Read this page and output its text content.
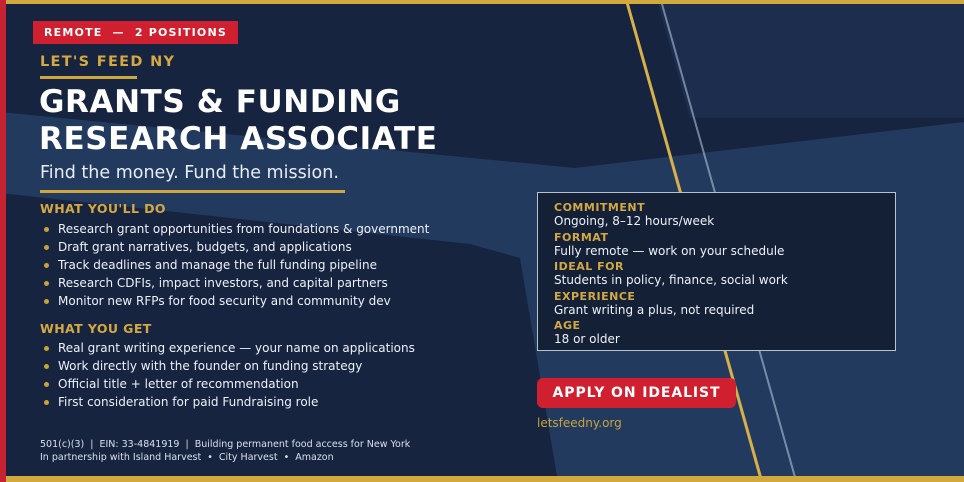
REMOTE  —  2 POSITIONS
LET'S FEED NY
GRANTS & FUNDING
RESEARCH ASSOCIATE
Find the money. Fund the mission.
WHAT YOU'LL DO
Research grant opportunities from foundations & government
Draft grant narratives, budgets, and applications
Track deadlines and manage the full funding pipeline
Research CDFIs, impact investors, and capital partners
Monitor new RFPs for food security and community dev
WHAT YOU GET
Real grant writing experience — your name on applications
Work directly with the founder on funding strategy
Official title + letter of recommendation
First consideration for paid Fundraising role
COMMITMENT
Ongoing, 8–12 hours/week
FORMAT
Fully remote — work on your schedule
IDEAL FOR
Students in policy, finance, social work
EXPERIENCE
Grant writing a plus, not required
AGE
18 or older
APPLY ON IDEALIST
letsfeedny.org
501(c)(3)  |  EIN: 33-4841919  |  Building permanent food access for New York
In partnership with Island Harvest  •  City Harvest  •  Amazon
